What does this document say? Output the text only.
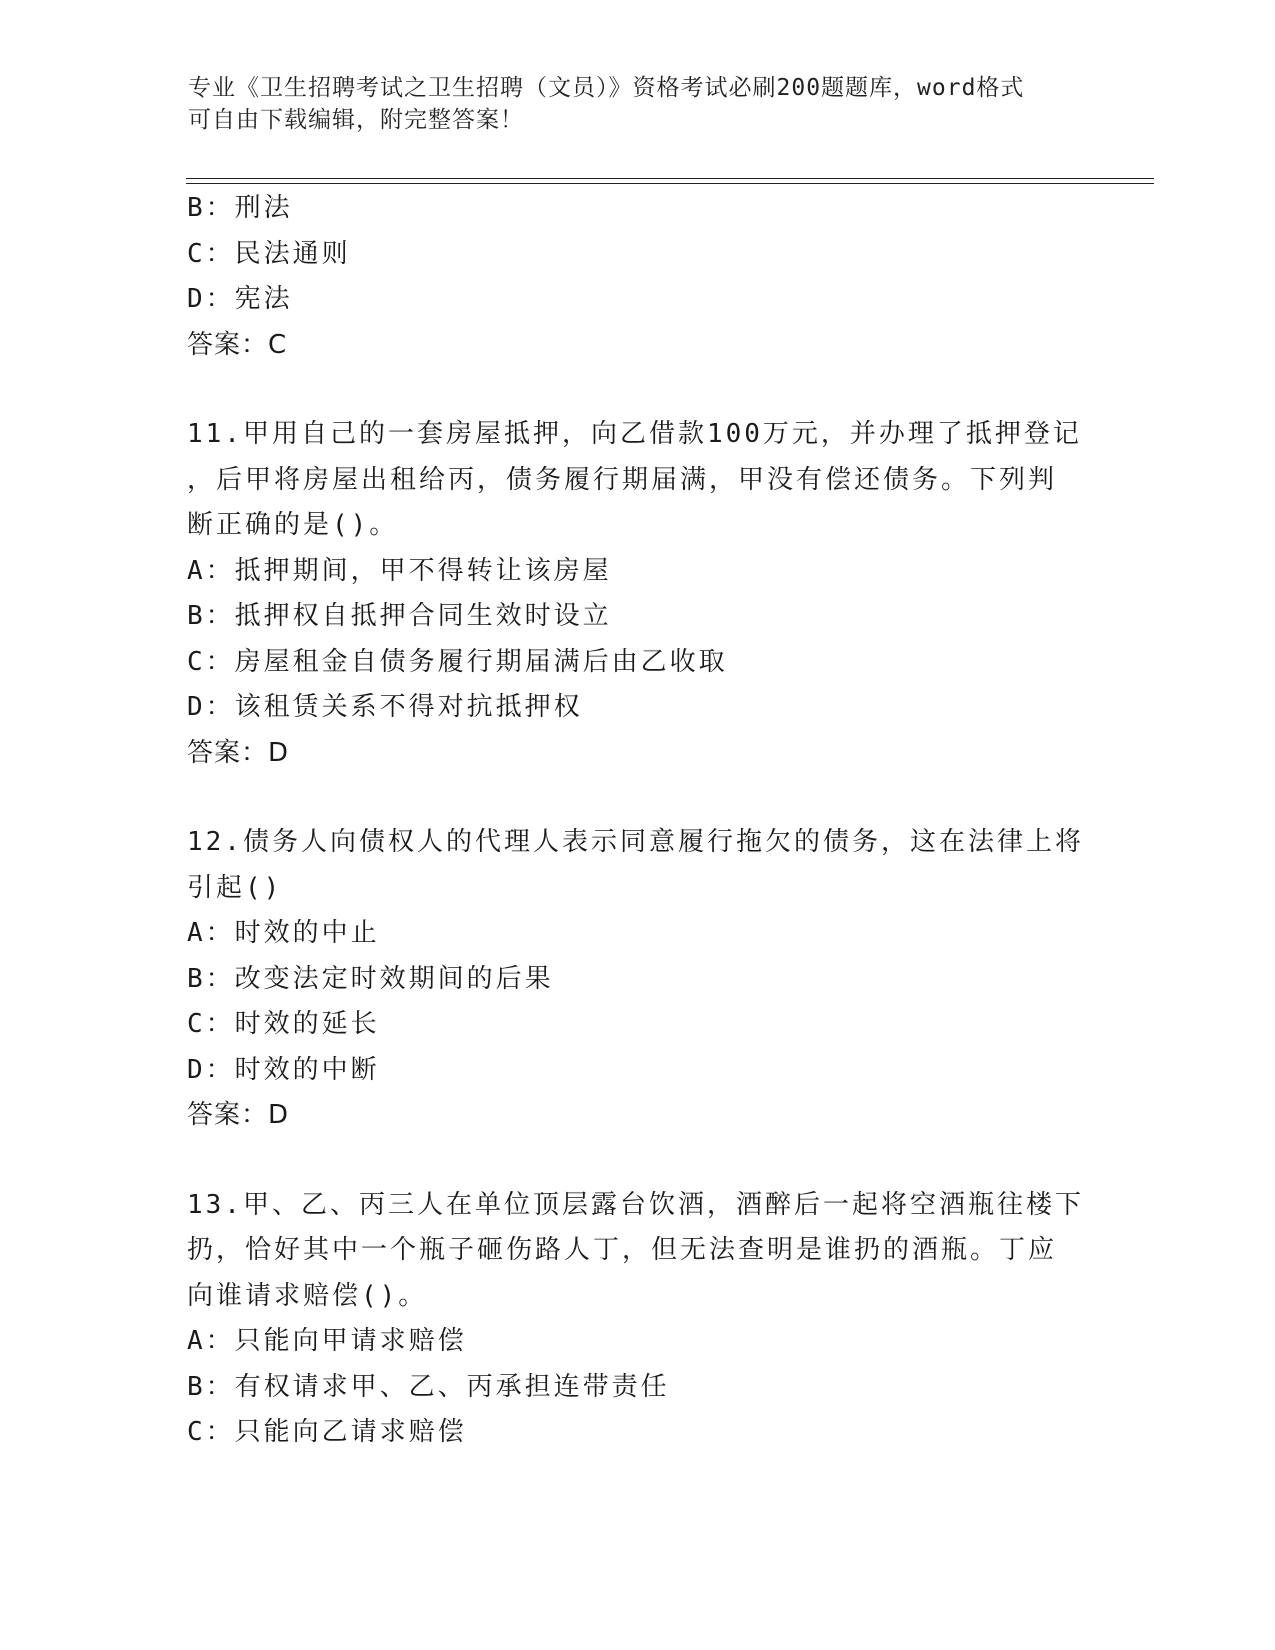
专业《卫生招聘考试之卫生招聘（文员）》资格考试必刷200题题库，word格式
可自由下载编辑，附完整答案！
B：刑法
C：民法通则
D：宪法
答案：C
11.甲用自己的一套房屋抵押，向乙借款100万元，并办理了抵押登记
，后甲将房屋出租给丙，债务履行期届满，甲没有偿还债务。下列判
断正确的是()。
A：抵押期间，甲不得转让该房屋
B：抵押权自抵押合同生效时设立
C：房屋租金自债务履行期届满后由乙收取
D：该租赁关系不得对抗抵押权
答案：D
12.债务人向债权人的代理人表示同意履行拖欠的债务，这在法律上将
引起()
A：时效的中止
B：改变法定时效期间的后果
C：时效的延长
D：时效的中断
答案：D
13.甲、乙、丙三人在单位顶层露台饮酒，酒醉后一起将空酒瓶往楼下
扔，恰好其中一个瓶子砸伤路人丁，但无法查明是谁扔的酒瓶。丁应
向谁请求赔偿()。
A：只能向甲请求赔偿
B：有权请求甲、乙、丙承担连带责任
C：只能向乙请求赔偿
